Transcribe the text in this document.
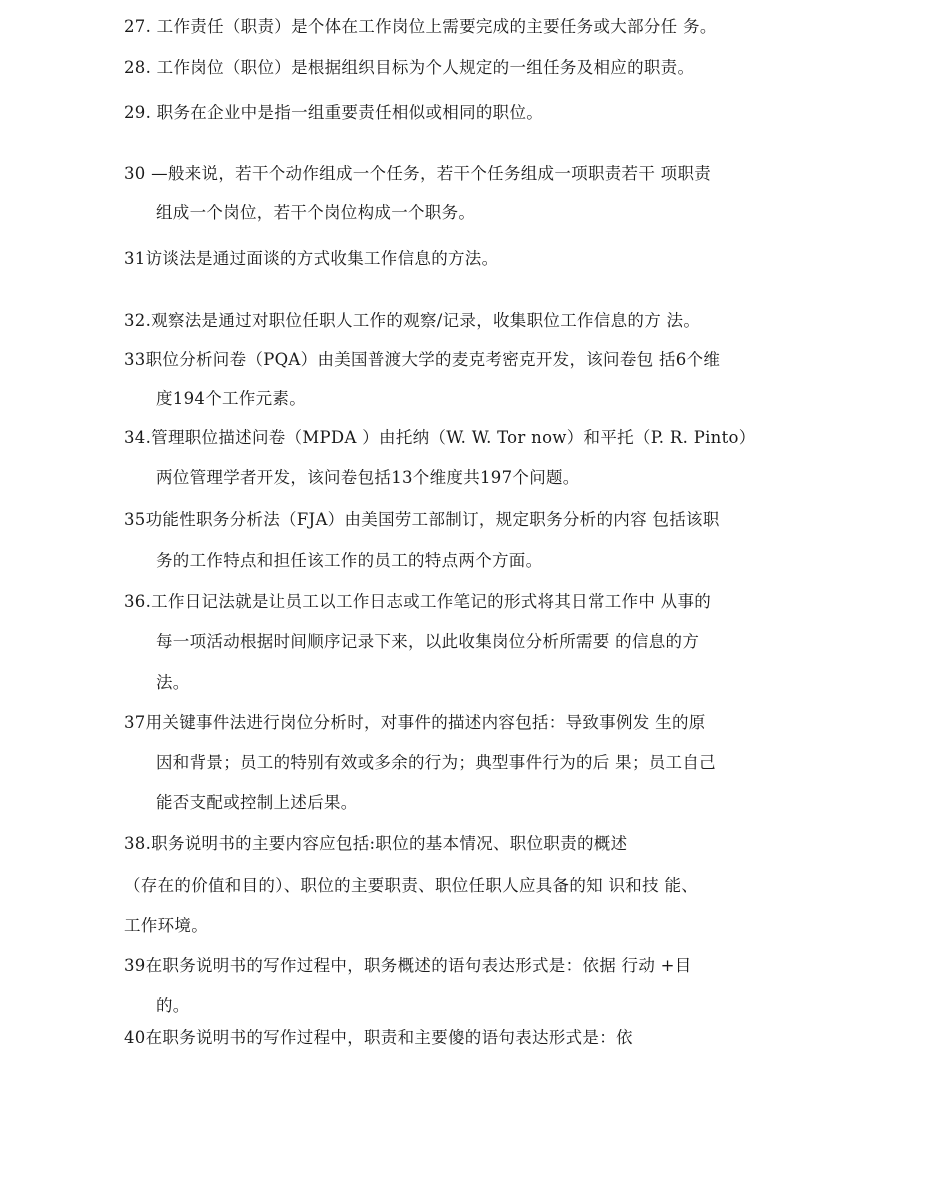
27. 工作责任（职责）是个体在工作岗位上需要完成的主要任务或大部分任 务。
28. 工作岗位（职位）是根据组织目标为个人规定的一组任务及相应的职责。
29. 职务在企业中是指一组重要责任相似或相同的职位。
30 —般来说，若干个动作组成一个任务，若干个任务组成一项职责若干 项职责
组成一个岗位，若干个岗位构成一个职务。
31访谈法是通过面谈的方式收集工作信息的方法。
32.观察法是通过对职位任职人工作的观察/记录，收集职位工作信息的方 法。
33职位分析问卷（PQA）由美国普渡大学的麦克考密克开发，该问卷包 括6个维
度194个工作元素。
34.管理职位描述问卷（MPDA ）由托纳（W. W. Tor now）和平托（P. R. Pinto）
两位管理学者开发，该问卷包括13个维度共197个问题。
35功能性职务分析法（FJA）由美国劳工部制订，规定职务分析的内容 包括该职
务的工作特点和担任该工作的员工的特点两个方面。
36.工作日记法就是让员工以工作日志或工作笔记的形式将其日常工作中 从事的
每一项活动根据时间顺序记录下来，以此收集岗位分析所需要 的信息的方
法。
37用关键事件法进行岗位分析时，对事件的描述内容包括：导致事例发 生的原
因和背景；员工的特别有效或多余的行为；典型事件行为的后 果；员工自己
能否支配或控制上述后果。
38.职务说明书的主要内容应包括:职位的基本情况、职位职责的概述
（存在的价值和目的）、职位的主要职责、职位任职人应具备的知 识和技 能、
工作环境。
39在职务说明书的写作过程中，职务概述的语句表达形式是：依据 行动 +目
的。
40在职务说明书的写作过程中，职责和主要傻的语句表达形式是：依
